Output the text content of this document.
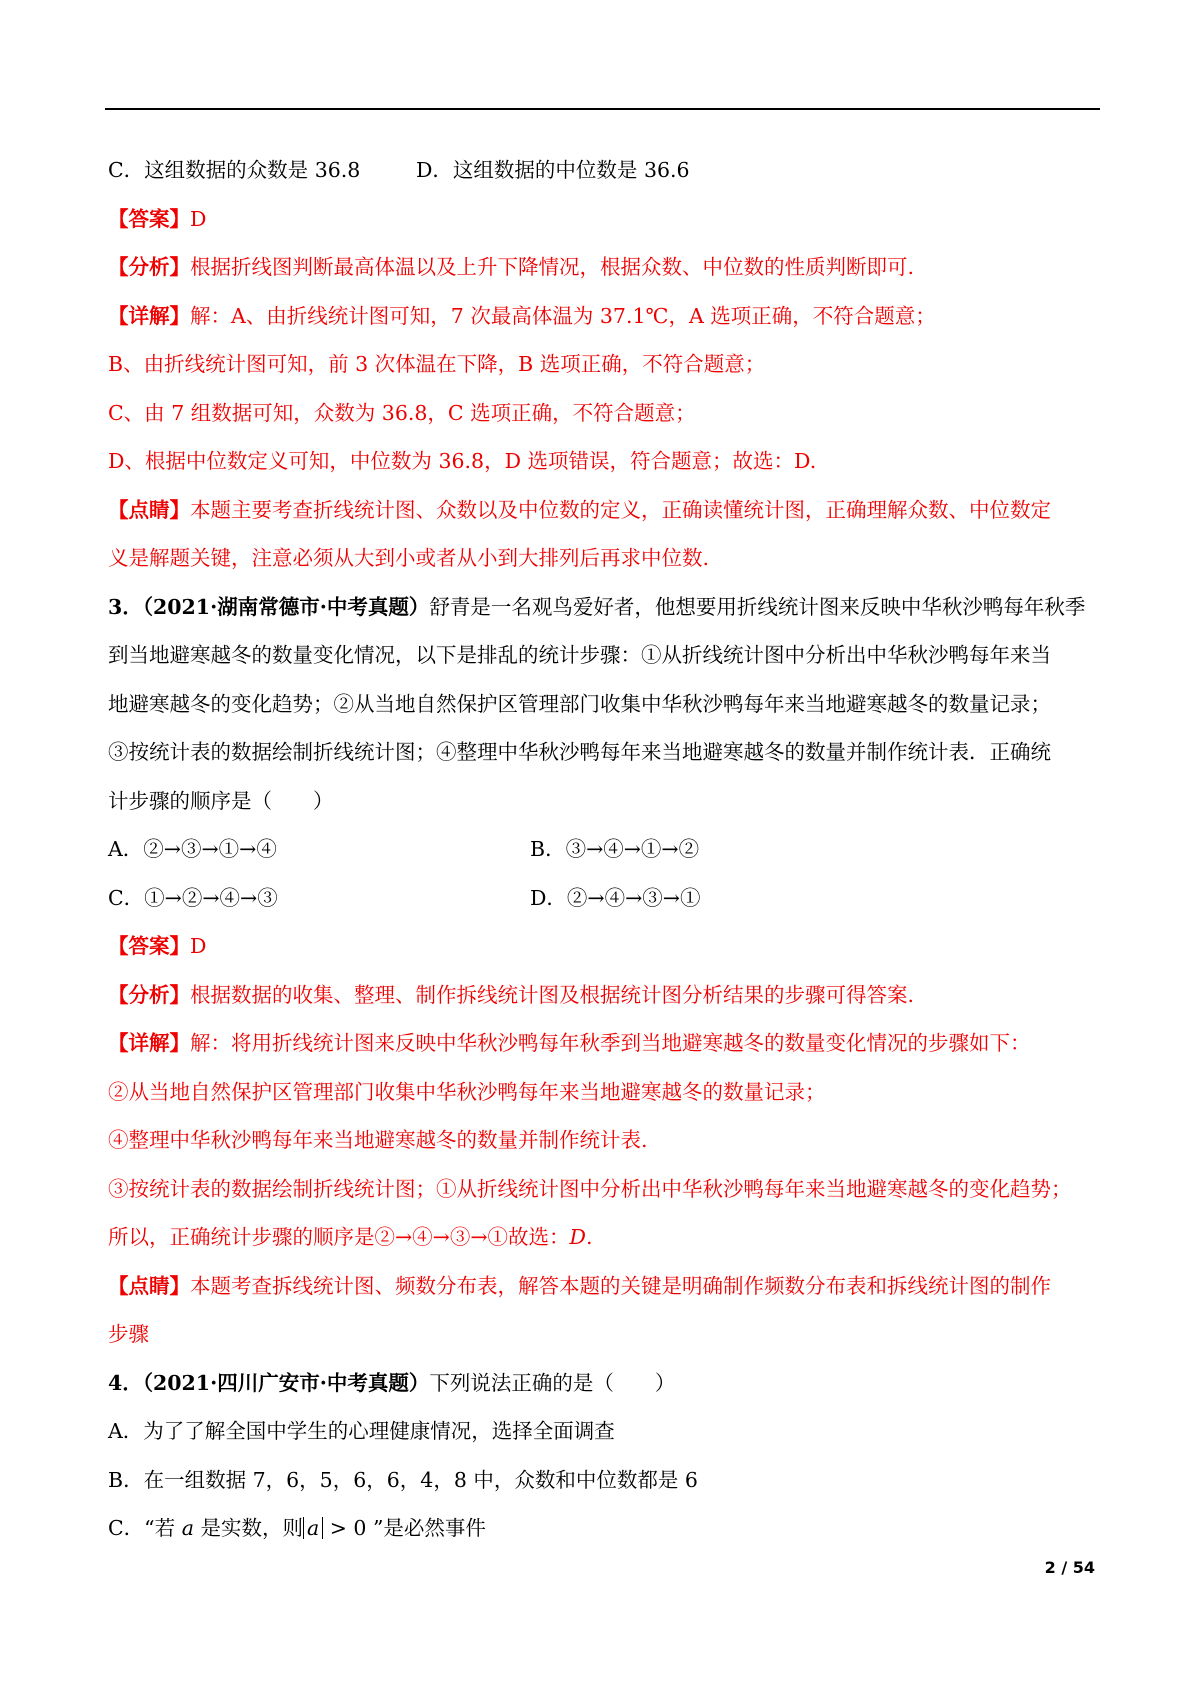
C．这组数据的众数是 36.8	D．这组数据的中位数是 36.6

【答案】D

【分析】根据折线图判断最高体温以及上升下降情况，根据众数、中位数的性质判断即可.

【详解】解：A、由折线统计图可知，7 次最高体温为 37.1℃，A 选项正确，不符合题意；

B、由折线统计图可知，前 3 次体温在下降，B 选项正确，不符合题意；

C、由 7 组数据可知，众数为 36.8，C 选项正确，不符合题意；

D、根据中位数定义可知，中位数为 36.8，D 选项错误，符合题意；故选：D.

【点睛】本题主要考查折线统计图、众数以及中位数的定义，正确读懂统计图，正确理解众数、中位数定

义是解题关键，注意必须从大到小或者从小到大排列后再求中位数.

3．（2021·湖南常德市·中考真题）舒青是一名观鸟爱好者，他想要用折线统计图来反映中华秋沙鸭每年秋季

到当地避寒越冬的数量变化情况，以下是排乱的统计步骤：①从折线统计图中分析出中华秋沙鸭每年来当

地避寒越冬的变化趋势；②从当地自然保护区管理部门收集中华秋沙鸭每年来当地避寒越冬的数量记录；

③按统计表的数据绘制折线统计图；④整理中华秋沙鸭每年来当地避寒越冬的数量并制作统计表．正确统

计步骤的顺序是（　　）

A．②→③→①→④	B．③→④→①→②

C．①→②→④→③	D．②→④→③→①

【答案】D

【分析】根据数据的收集、整理、制作拆线统计图及根据统计图分析结果的步骤可得答案.

【详解】解：将用折线统计图来反映中华秋沙鸭每年秋季到当地避寒越冬的数量变化情况的步骤如下：

②从当地自然保护区管理部门收集中华秋沙鸭每年来当地避寒越冬的数量记录；

④整理中华秋沙鸭每年来当地避寒越冬的数量并制作统计表.

③按统计表的数据绘制折线统计图；①从折线统计图中分析出中华秋沙鸭每年来当地避寒越冬的变化趋势；

所以，正确统计步骤的顺序是②→④→③→①故选：D.

【点睛】本题考查拆线统计图、频数分布表，解答本题的关键是明确制作频数分布表和拆线统计图的制作

步骤

4．（2021·四川广安市·中考真题）下列说法正确的是（　　）

A．为了了解全国中学生的心理健康情况，选择全面调查

B．在一组数据 7，6，5，6，6，4，8 中，众数和中位数都是 6

C．“若 a 是实数，则 a > 0 ”是必然事件

2 / 54
